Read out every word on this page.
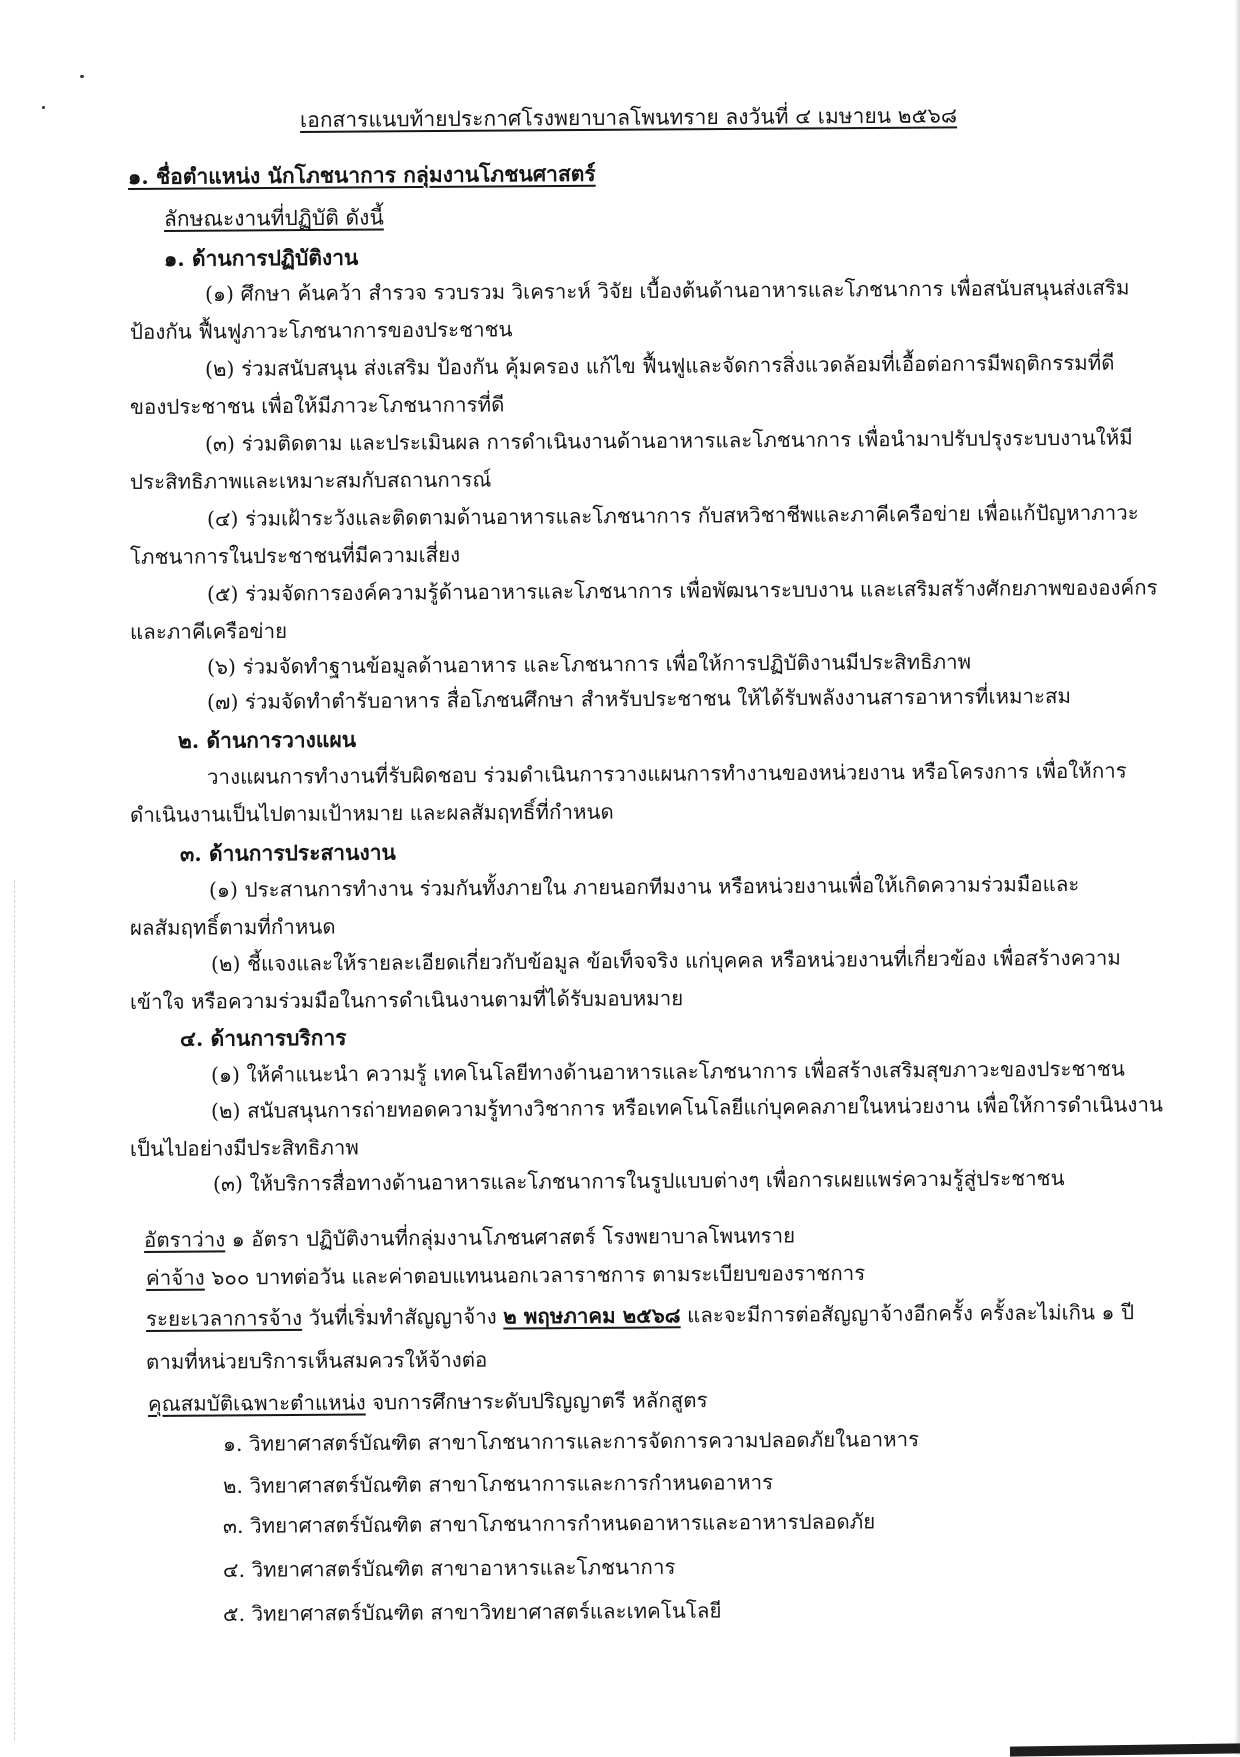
เอกสารแนบท้ายประกาศโรงพยาบาลโพนทราย ลงวันที่ ๔ เมษายน ๒๕๖๘
๑. ชื่อตำแหน่ง นักโภชนาการ กลุ่มงานโภชนศาสตร์
ลักษณะงานที่ปฏิบัติ ดังนี้
๑. ด้านการปฏิบัติงาน
(๑) ศึกษา ค้นคว้า สำรวจ รวบรวม วิเคราะห์ วิจัย เบื้องต้นด้านอาหารและโภชนาการ เพื่อสนับสนุนส่งเสริม
ป้องกัน ฟื้นฟูภาวะโภชนาการของประชาชน
(๒) ร่วมสนับสนุน ส่งเสริม ป้องกัน คุ้มครอง แก้ไข ฟื้นฟูและจัดการสิ่งแวดล้อมที่เอื้อต่อการมีพฤติกรรมที่ดี
ของประชาชน เพื่อให้มีภาวะโภชนาการที่ดี
(๓) ร่วมติดตาม และประเมินผล การดำเนินงานด้านอาหารและโภชนาการ เพื่อนำมาปรับปรุงระบบงานให้มี
ประสิทธิภาพและเหมาะสมกับสถานการณ์
(๔) ร่วมเฝ้าระวังและติดตามด้านอาหารและโภชนาการ กับสหวิชาชีพและภาคีเครือข่าย เพื่อแก้ปัญหาภาวะ
โภชนาการในประชาชนที่มีความเสี่ยง
(๕) ร่วมจัดการองค์ความรู้ด้านอาหารและโภชนาการ เพื่อพัฒนาระบบงาน และเสริมสร้างศักยภาพขององค์กร
และภาคีเครือข่าย
(๖) ร่วมจัดทำฐานข้อมูลด้านอาหาร และโภชนาการ เพื่อให้การปฏิบัติงานมีประสิทธิภาพ
(๗) ร่วมจัดทำตำรับอาหาร สื่อโภชนศึกษา สำหรับประชาชน ให้ได้รับพลังงานสารอาหารที่เหมาะสม
๒. ด้านการวางแผน
วางแผนการทำงานที่รับผิดชอบ ร่วมดำเนินการวางแผนการทำงานของหน่วยงาน หรือโครงการ เพื่อให้การ
ดำเนินงานเป็นไปตามเป้าหมาย และผลสัมฤทธิ์ที่กำหนด
๓. ด้านการประสานงาน
(๑) ประสานการทำงาน ร่วมกันทั้งภายใน ภายนอกทีมงาน หรือหน่วยงานเพื่อให้เกิดความร่วมมือและ
ผลสัมฤทธิ์ตามที่กำหนด
(๒) ชี้แจงและให้รายละเอียดเกี่ยวกับข้อมูล ข้อเท็จจริง แก่บุคคล หรือหน่วยงานที่เกี่ยวข้อง เพื่อสร้างความ
เข้าใจ หรือความร่วมมือในการดำเนินงานตามที่ได้รับมอบหมาย
๔. ด้านการบริการ
(๑) ให้คำแนะนำ ความรู้ เทคโนโลยีทางด้านอาหารและโภชนาการ เพื่อสร้างเสริมสุขภาวะของประชาชน
(๒) สนับสนุนการถ่ายทอดความรู้ทางวิชาการ หรือเทคโนโลยีแก่บุคคลภายในหน่วยงาน เพื่อให้การดำเนินงาน
เป็นไปอย่างมีประสิทธิภาพ
(๓) ให้บริการสื่อทางด้านอาหารและโภชนาการในรูปแบบต่างๆ เพื่อการเผยแพร่ความรู้สู่ประชาชน
อัตราว่าง ๑ อัตรา ปฏิบัติงานที่กลุ่มงานโภชนศาสตร์ โรงพยาบาลโพนทราย
ค่าจ้าง ๖๐๐ บาทต่อวัน และค่าตอบแทนนอกเวลาราชการ ตามระเบียบของราชการ
ระยะเวลาการจ้าง วันที่เริ่มทำสัญญาจ้าง ๒ พฤษภาคม ๒๕๖๘ และจะมีการต่อสัญญาจ้างอีกครั้ง ครั้งละไม่เกิน ๑ ปี
ตามที่หน่วยบริการเห็นสมควรให้จ้างต่อ
คุณสมบัติเฉพาะตำแหน่ง จบการศึกษาระดับปริญญาตรี หลักสูตร
๑. วิทยาศาสตร์บัณฑิต สาขาโภชนาการและการจัดการความปลอดภัยในอาหาร
๒. วิทยาศาสตร์บัณฑิต สาขาโภชนาการและการกำหนดอาหาร
๓. วิทยาศาสตร์บัณฑิต สาขาโภชนาการกำหนดอาหารและอาหารปลอดภัย
๔. วิทยาศาสตร์บัณฑิต สาขาอาหารและโภชนาการ
๕. วิทยาศาสตร์บัณฑิต สาขาวิทยาศาสตร์และเทคโนโลยี
